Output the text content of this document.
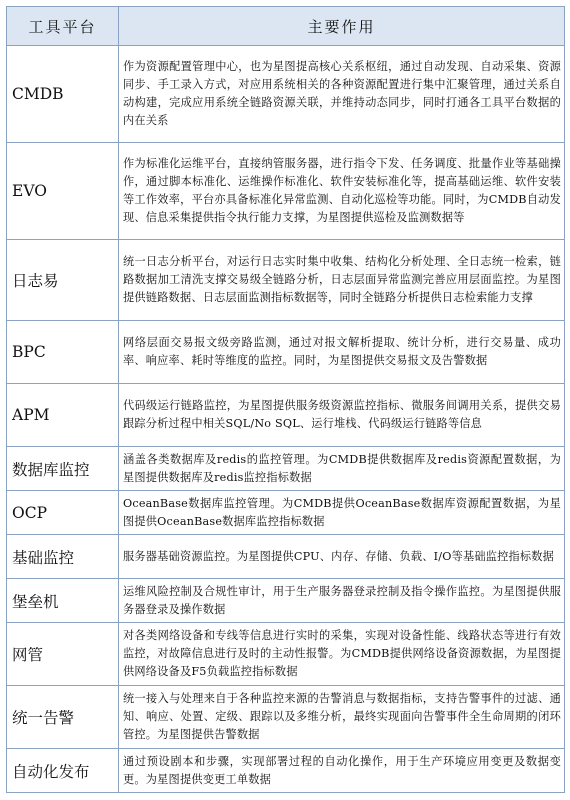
工具平台	主要作用
CMDB	作为资源配置管理中心，也为星图提高核心关系枢纽，通过自动发现、自动采集、资源同步、手工录入方式，对应用系统相关的各种资源配置进行集中汇聚管理，通过关系自动构建，完成应用系统全链路资源关联，并维持动态同步，同时打通各工具平台数据的内在关系
EVO	作为标准化运维平台，直接纳管服务器，进行指令下发、任务调度、批量作业等基础操作，通过脚本标准化、运维操作标准化、软件安装标准化等，提高基础运维、软件安装等工作效率，平台亦具备标准化异常监测、自动化巡检等功能。同时，为CMDB自动发现、信息采集提供指令执行能力支撑，为星图提供巡检及监测数据等
日志易	统一日志分析平台，对运行日志实时集中收集、结构化分析处理、全日志统一检索，链路数据加工清洗支撑交易级全链路分析，日志层面异常监测完善应用层面监控。为星图提供链路数据、日志层面监测指标数据等，同时全链路分析提供日志检索能力支撑
BPC	网络层面交易报文级旁路监测，通过对报文解析提取、统计分析，进行交易量、成功率、响应率、耗时等维度的监控。同时，为星图提供交易报文及告警数据
APM	代码级运行链路监控，为星图提供服务级资源监控指标、微服务间调用关系，提供交易跟踪分析过程中相关SQL/No SQL、运行堆栈、代码级运行链路等信息
数据库监控	涵盖各类数据库及redis的监控管理。为CMDB提供数据库及redis资源配置数据，为星图提供数据库及redis监控指标数据
OCP	OceanBase数据库监控管理。为CMDB提供OceanBase数据库资源配置数据，为星图提供OceanBase数据库监控指标数据
基础监控	服务器基础资源监控。为星图提供CPU、内存、存储、负载、I/O等基础监控指标数据
堡垒机	运维风险控制及合规性审计，用于生产服务器登录控制及指令操作监控。为星图提供服务器登录及操作数据
网管	对各类网络设备和专线等信息进行实时的采集，实现对设备性能、线路状态等进行有效监控，对故障信息进行及时的主动性报警。为CMDB提供网络设备资源数据，为星图提供网络设备及F5负载监控指标数据
统一告警	统一接入与处理来自于各种监控来源的告警消息与数据指标，支持告警事件的过滤、通知、响应、处置、定级、跟踪以及多维分析，最终实现面向告警事件全生命周期的闭环管控。为星图提供告警数据
自动化发布	通过预设剧本和步骤，实现部署过程的自动化操作，用于生产环境应用变更及数据变更。为星图提供变更工单数据
